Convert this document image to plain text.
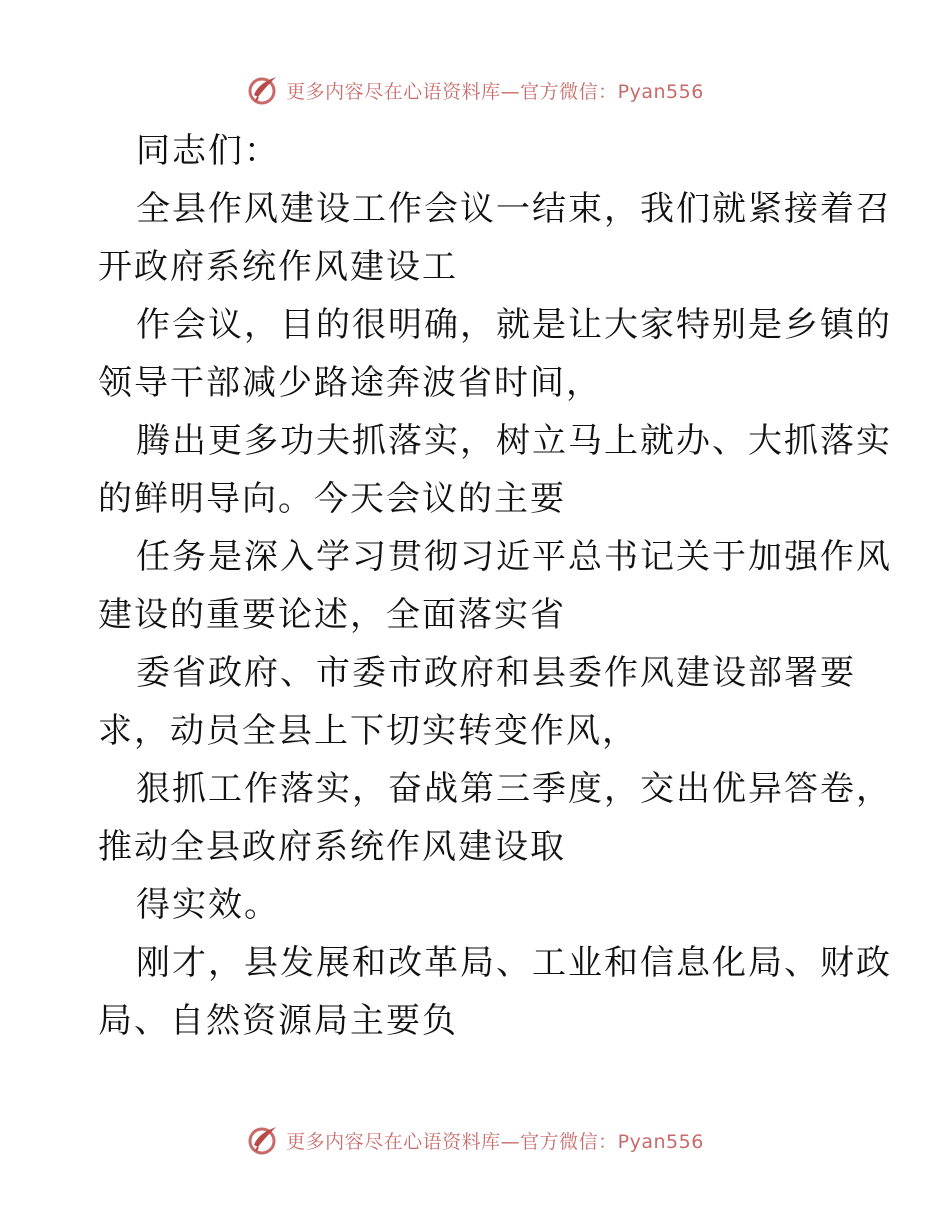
更多内容尽在心语资料库—官方微信：Pyan556
同志们：
全县作风建设工作会议一结束，我们就紧接着召
开政府系统作风建设工
作会议，目的很明确，就是让大家特别是乡镇的
领导干部减少路途奔波省时间，
腾出更多功夫抓落实，树立马上就办、大抓落实
的鲜明导向。今天会议的主要
任务是深入学习贯彻习近平总书记关于加强作风
建设的重要论述，全面落实省
委省政府、市委市政府和县委作风建设部署要
求，动员全县上下切实转变作风，
狠抓工作落实，奋战第三季度，交出优异答卷，
推动全县政府系统作风建设取
得实效。
刚才，县发展和改革局、工业和信息化局、财政
局、自然资源局主要负
更多内容尽在心语资料库—官方微信：Pyan556
